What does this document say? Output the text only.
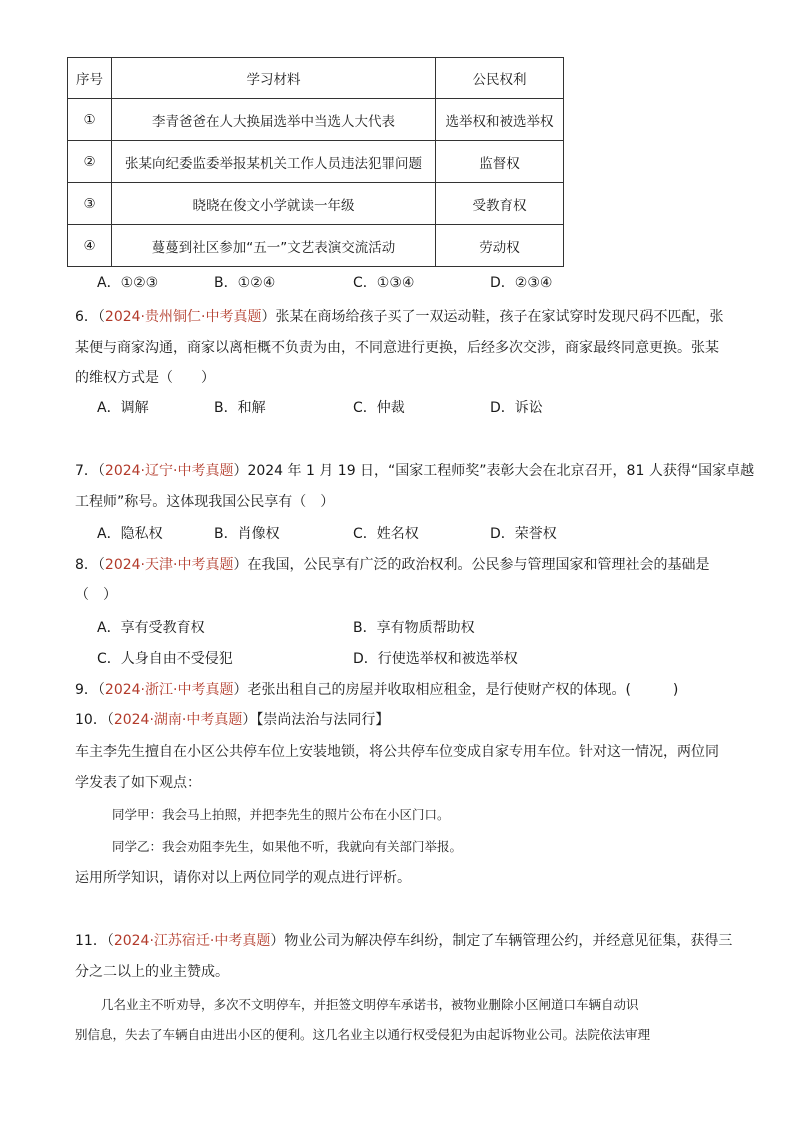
序号	学习材料	公民权利
①	李青爸爸在人大换届选举中当选人大代表	选举权和被选举权
②	张某向纪委监委举报某机关工作人员违法犯罪问题	监督权
③	晓晓在俊文小学就读一年级	受教育权
④	蔓蔓到社区参加“五一”文艺表演交流活动	劳动权
A．①②③	B．①②④	C．①③④	D．②③④
6．（2024·贵州铜仁·中考真题）张某在商场给孩子买了一双运动鞋，孩子在家试穿时发现尺码不匹配，张
某便与商家沟通，商家以离柜概不负责为由，不同意进行更换，后经多次交涉，商家最终同意更换。张某
的维权方式是（　　）
A．调解	B．和解	C．仲裁	D．诉讼
7．（2024·辽宁·中考真题）2024 年 1 月 19 日，“国家工程师奖”表彰大会在北京召开，81 人获得“国家卓越
工程师”称号。这体现我国公民享有（　）
A．隐私权	B．肖像权	C．姓名权	D．荣誉权
8．（2024·天津·中考真题）在我国，公民享有广泛的政治权利。公民参与管理国家和管理社会的基础是
（　）
A．享有受教育权	B．享有物质帮助权
C．人身自由不受侵犯	D．行使选举权和被选举权
9．（2024·浙江·中考真题）老张出租自己的房屋并收取相应租金，是行使财产权的体现。(　　　)
10．（2024·湖南·中考真题）【崇尚法治与法同行】
车主李先生擅自在小区公共停车位上安装地锁，将公共停车位变成自家专用车位。针对这一情况，两位同
学发表了如下观点：
同学甲：我会马上拍照，并把李先生的照片公布在小区门口。
同学乙：我会劝阻李先生，如果他不听，我就向有关部门举报。
运用所学知识，请你对以上两位同学的观点进行评析。
11．（2024·江苏宿迁·中考真题）物业公司为解决停车纠纷，制定了车辆管理公约，并经意见征集，获得三
分之二以上的业主赞成。
几名业主不听劝导，多次不文明停车，并拒签文明停车承诺书，被物业删除小区闸道口车辆自动识
别信息，失去了车辆自由进出小区的便利。这几名业主以通行权受侵犯为由起诉物业公司。法院依法审理
